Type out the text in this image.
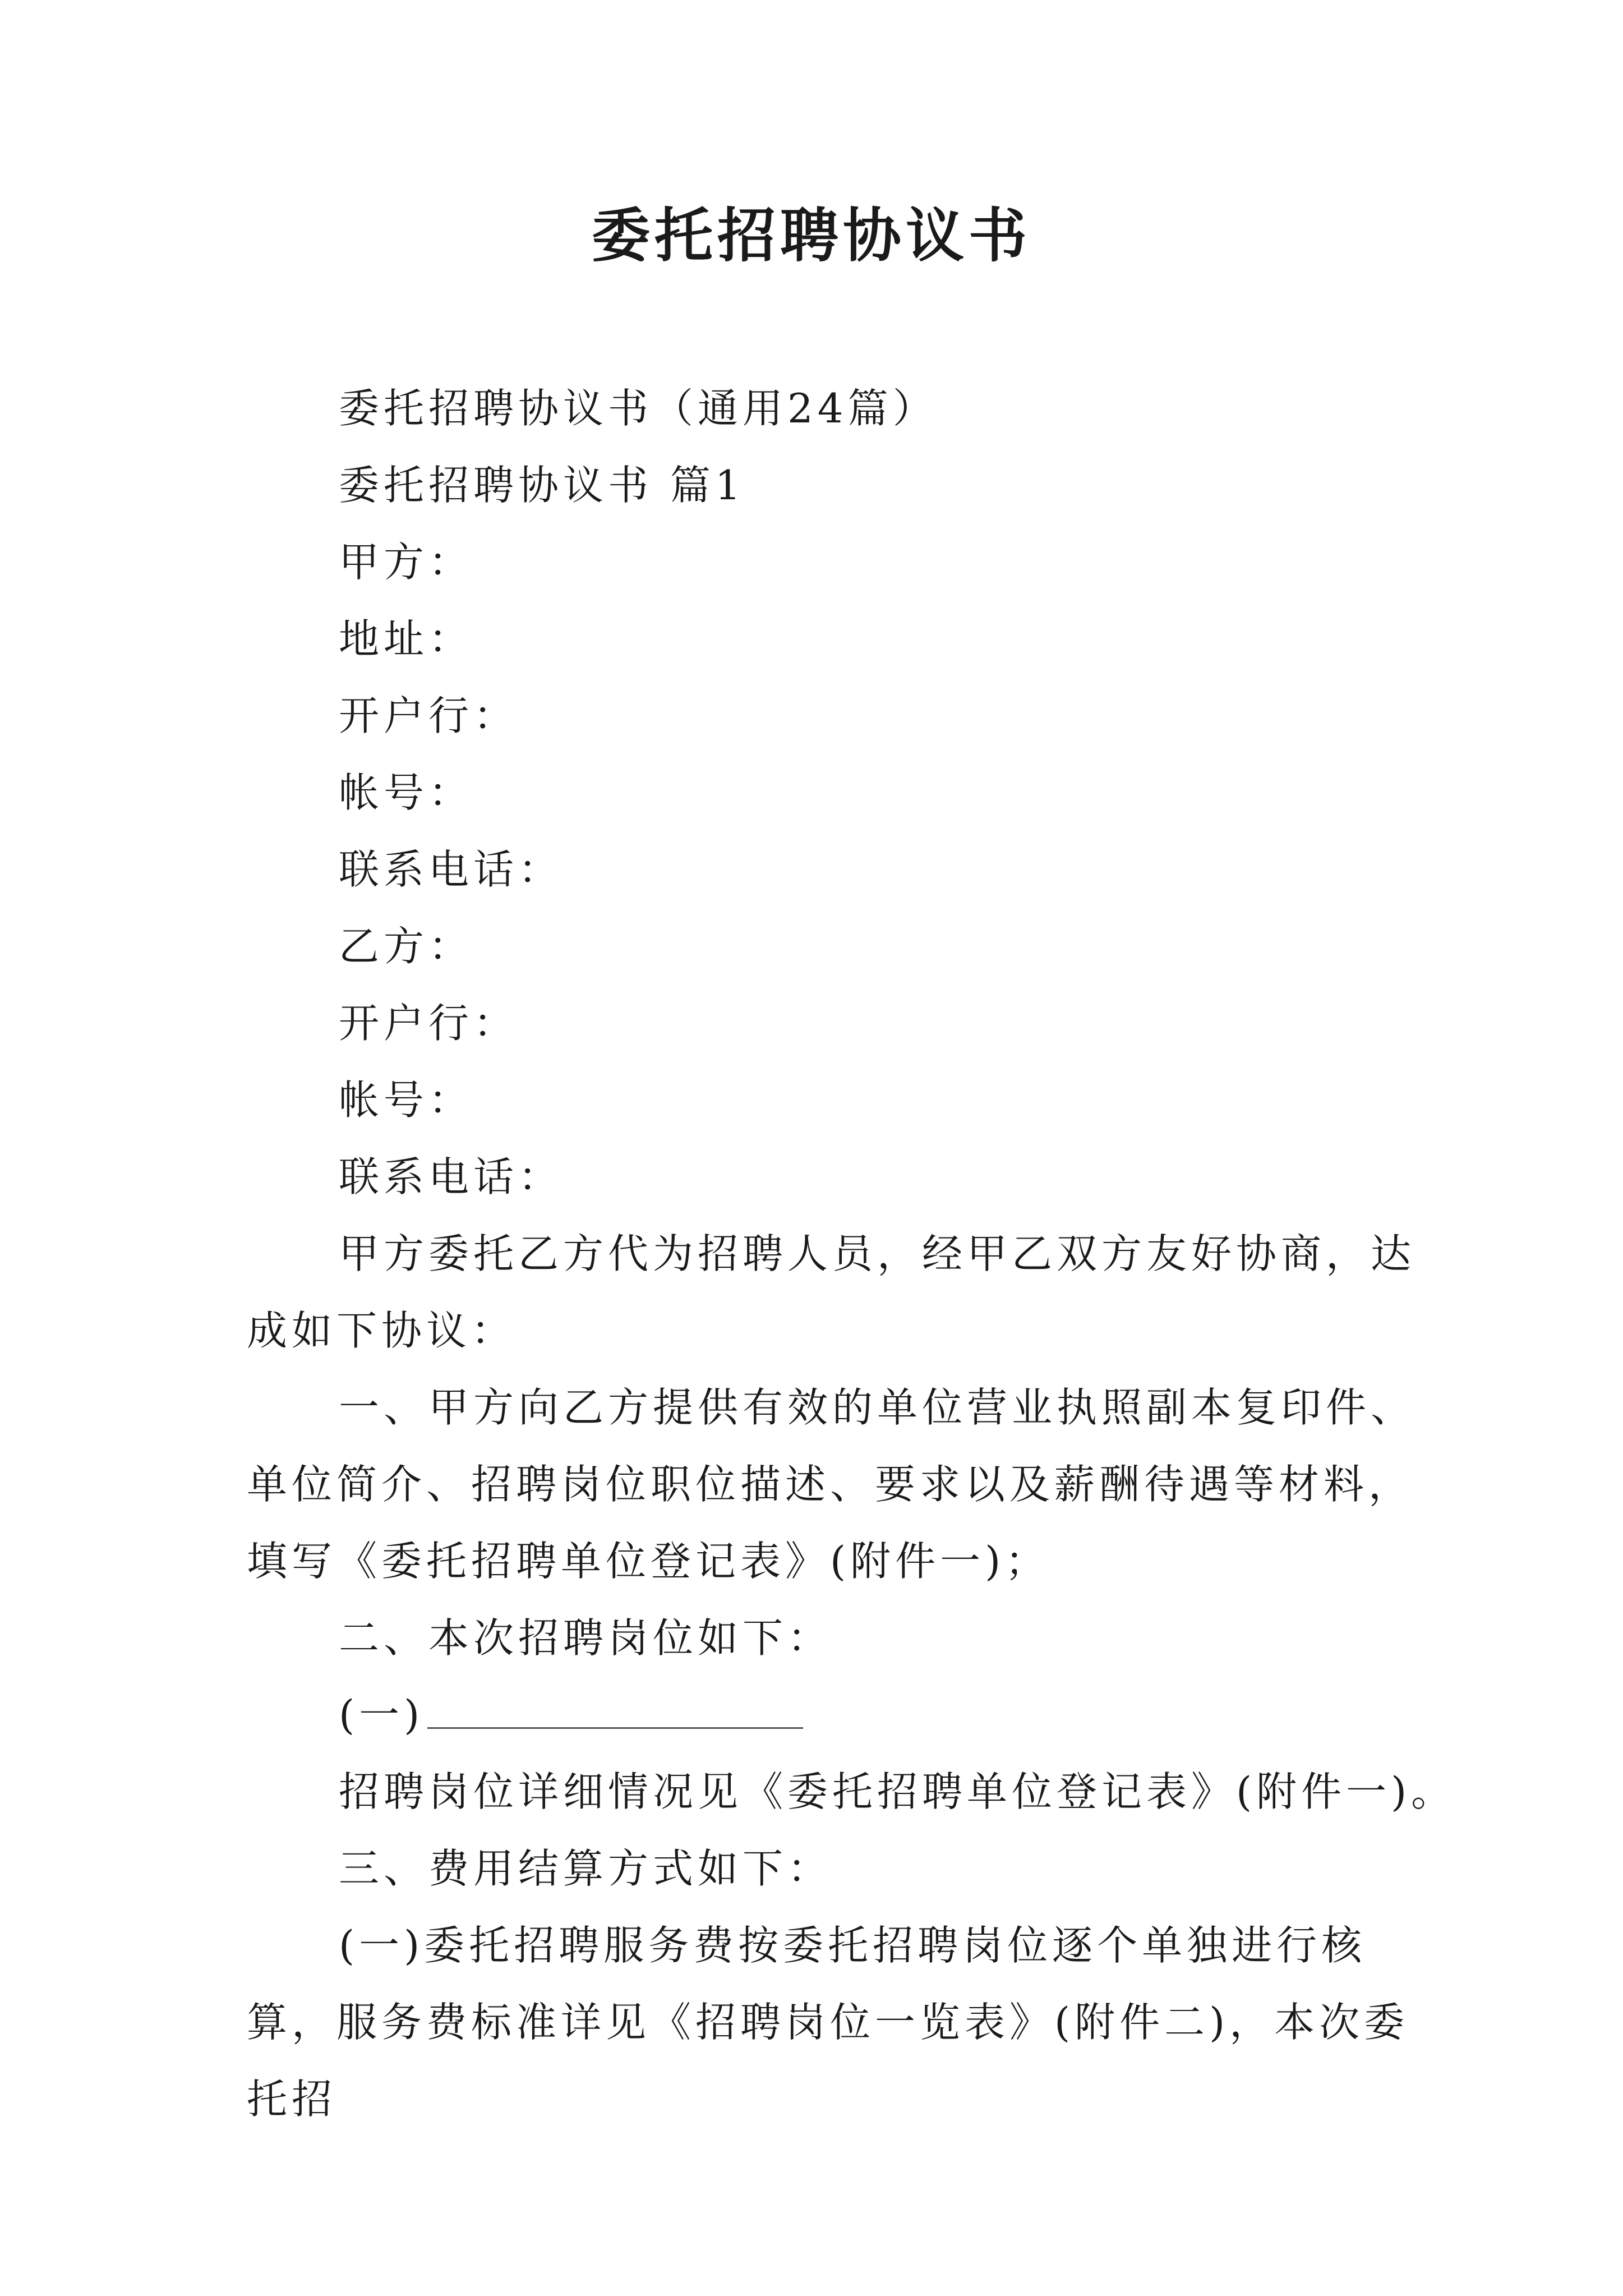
委托招聘协议书

委托招聘协议书（通用24篇）

委托招聘协议书 篇1

甲方：

地址：

开户行：

帐号：

联系电话：

乙方：

开户行：

帐号：

联系电话：

甲方委托乙方代为招聘人员，经甲乙双方友好协商，达成如下协议：

一、甲方向乙方提供有效的单位营业执照副本复印件、单位简介、招聘岗位职位描述、要求以及薪酬待遇等材料，填写《委托招聘单位登记表》(附件一)；

二、本次招聘岗位如下：

(一)

招聘岗位详细情况见《委托招聘单位登记表》(附件一)。

三、费用结算方式如下：

(一)委托招聘服务费按委托招聘岗位逐个单独进行核算，服务费标准详见《招聘岗位一览表》(附件二)，本次委托招
